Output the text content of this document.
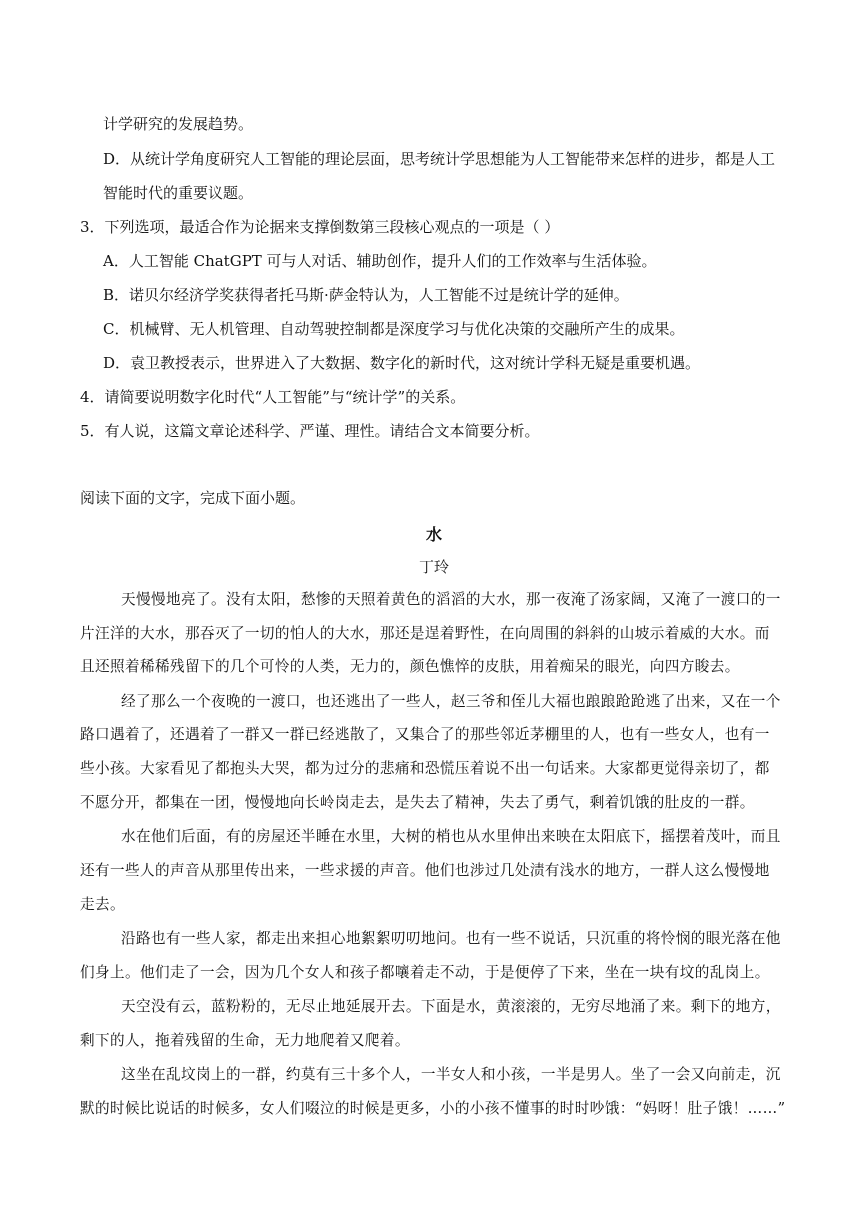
计学研究的发展趋势。
D．从统计学角度研究人工智能的理论层面，思考统计学思想能为人工智能带来怎样的进步，都是人工
智能时代的重要议题。
3．下列选项，最适合作为论据来支撑倒数第三段核心观点的一项是（ ）
A．人工智能 ChatGPT 可与人对话、辅助创作，提升人们的工作效率与生活体验。
B．诺贝尔经济学奖获得者托马斯·萨金特认为，人工智能不过是统计学的延伸。
C．机械臂、无人机管理、自动驾驶控制都是深度学习与优化决策的交融所产生的成果。
D．袁卫教授表示，世界进入了大数据、数字化的新时代，这对统计学科无疑是重要机遇。
4．请简要说明数字化时代“人工智能”与“统计学”的关系。
5．有人说，这篇文章论述科学、严谨、理性。请结合文本简要分析。
阅读下面的文字，完成下面小题。
水
丁玲
天慢慢地亮了。没有太阳，愁惨的天照着黄色的滔滔的大水，那一夜淹了汤家阔，又淹了一渡口的一
片汪洋的大水，那吞灭了一切的怕人的大水，那还是逞着野性，在向周围的斜斜的山坡示着威的大水。而
且还照着稀稀残留下的几个可怜的人类，无力的，颜色憔悴的皮肤，用着痴呆的眼光，向四方睃去。
经了那么一个夜晚的一渡口，也还逃出了一些人，赵三爷和侄儿大福也踉踉跄跄逃了出来，又在一个
路口遇着了，还遇着了一群又一群已经逃散了，又集合了的那些邻近茅棚里的人，也有一些女人，也有一
些小孩。大家看见了都抱头大哭，都为过分的悲痛和恐慌压着说不出一句话来。大家都更觉得亲切了，都
不愿分开，都集在一团，慢慢地向长岭岗走去，是失去了精神，失去了勇气，剩着饥饿的肚皮的一群。
水在他们后面，有的房屋还半睡在水里，大树的梢也从水里伸出来映在太阳底下，摇摆着茂叶，而且
还有一些人的声音从那里传出来，一些求援的声音。他们也涉过几处渍有浅水的地方，一群人这么慢慢地
走去。
沿路也有一些人家，都走出来担心地絮絮叨叨地问。也有一些不说话，只沉重的将怜悯的眼光落在他
们身上。他们走了一会，因为几个女人和孩子都嚷着走不动，于是便停了下来，坐在一块有坟的乱岗上。
天空没有云，蓝粉粉的，无尽止地延展开去。下面是水，黄滚滚的，无穷尽地涌了来。剩下的地方，
剩下的人，拖着残留的生命，无力地爬着又爬着。
这坐在乱坟岗上的一群，约莫有三十多个人，一半女人和小孩，一半是男人。坐了一会又向前走，沉
默的时候比说话的时候多，女人们啜泣的时候是更多，小的小孩不懂事的时时吵饿：“妈呀！肚子饿！……”
